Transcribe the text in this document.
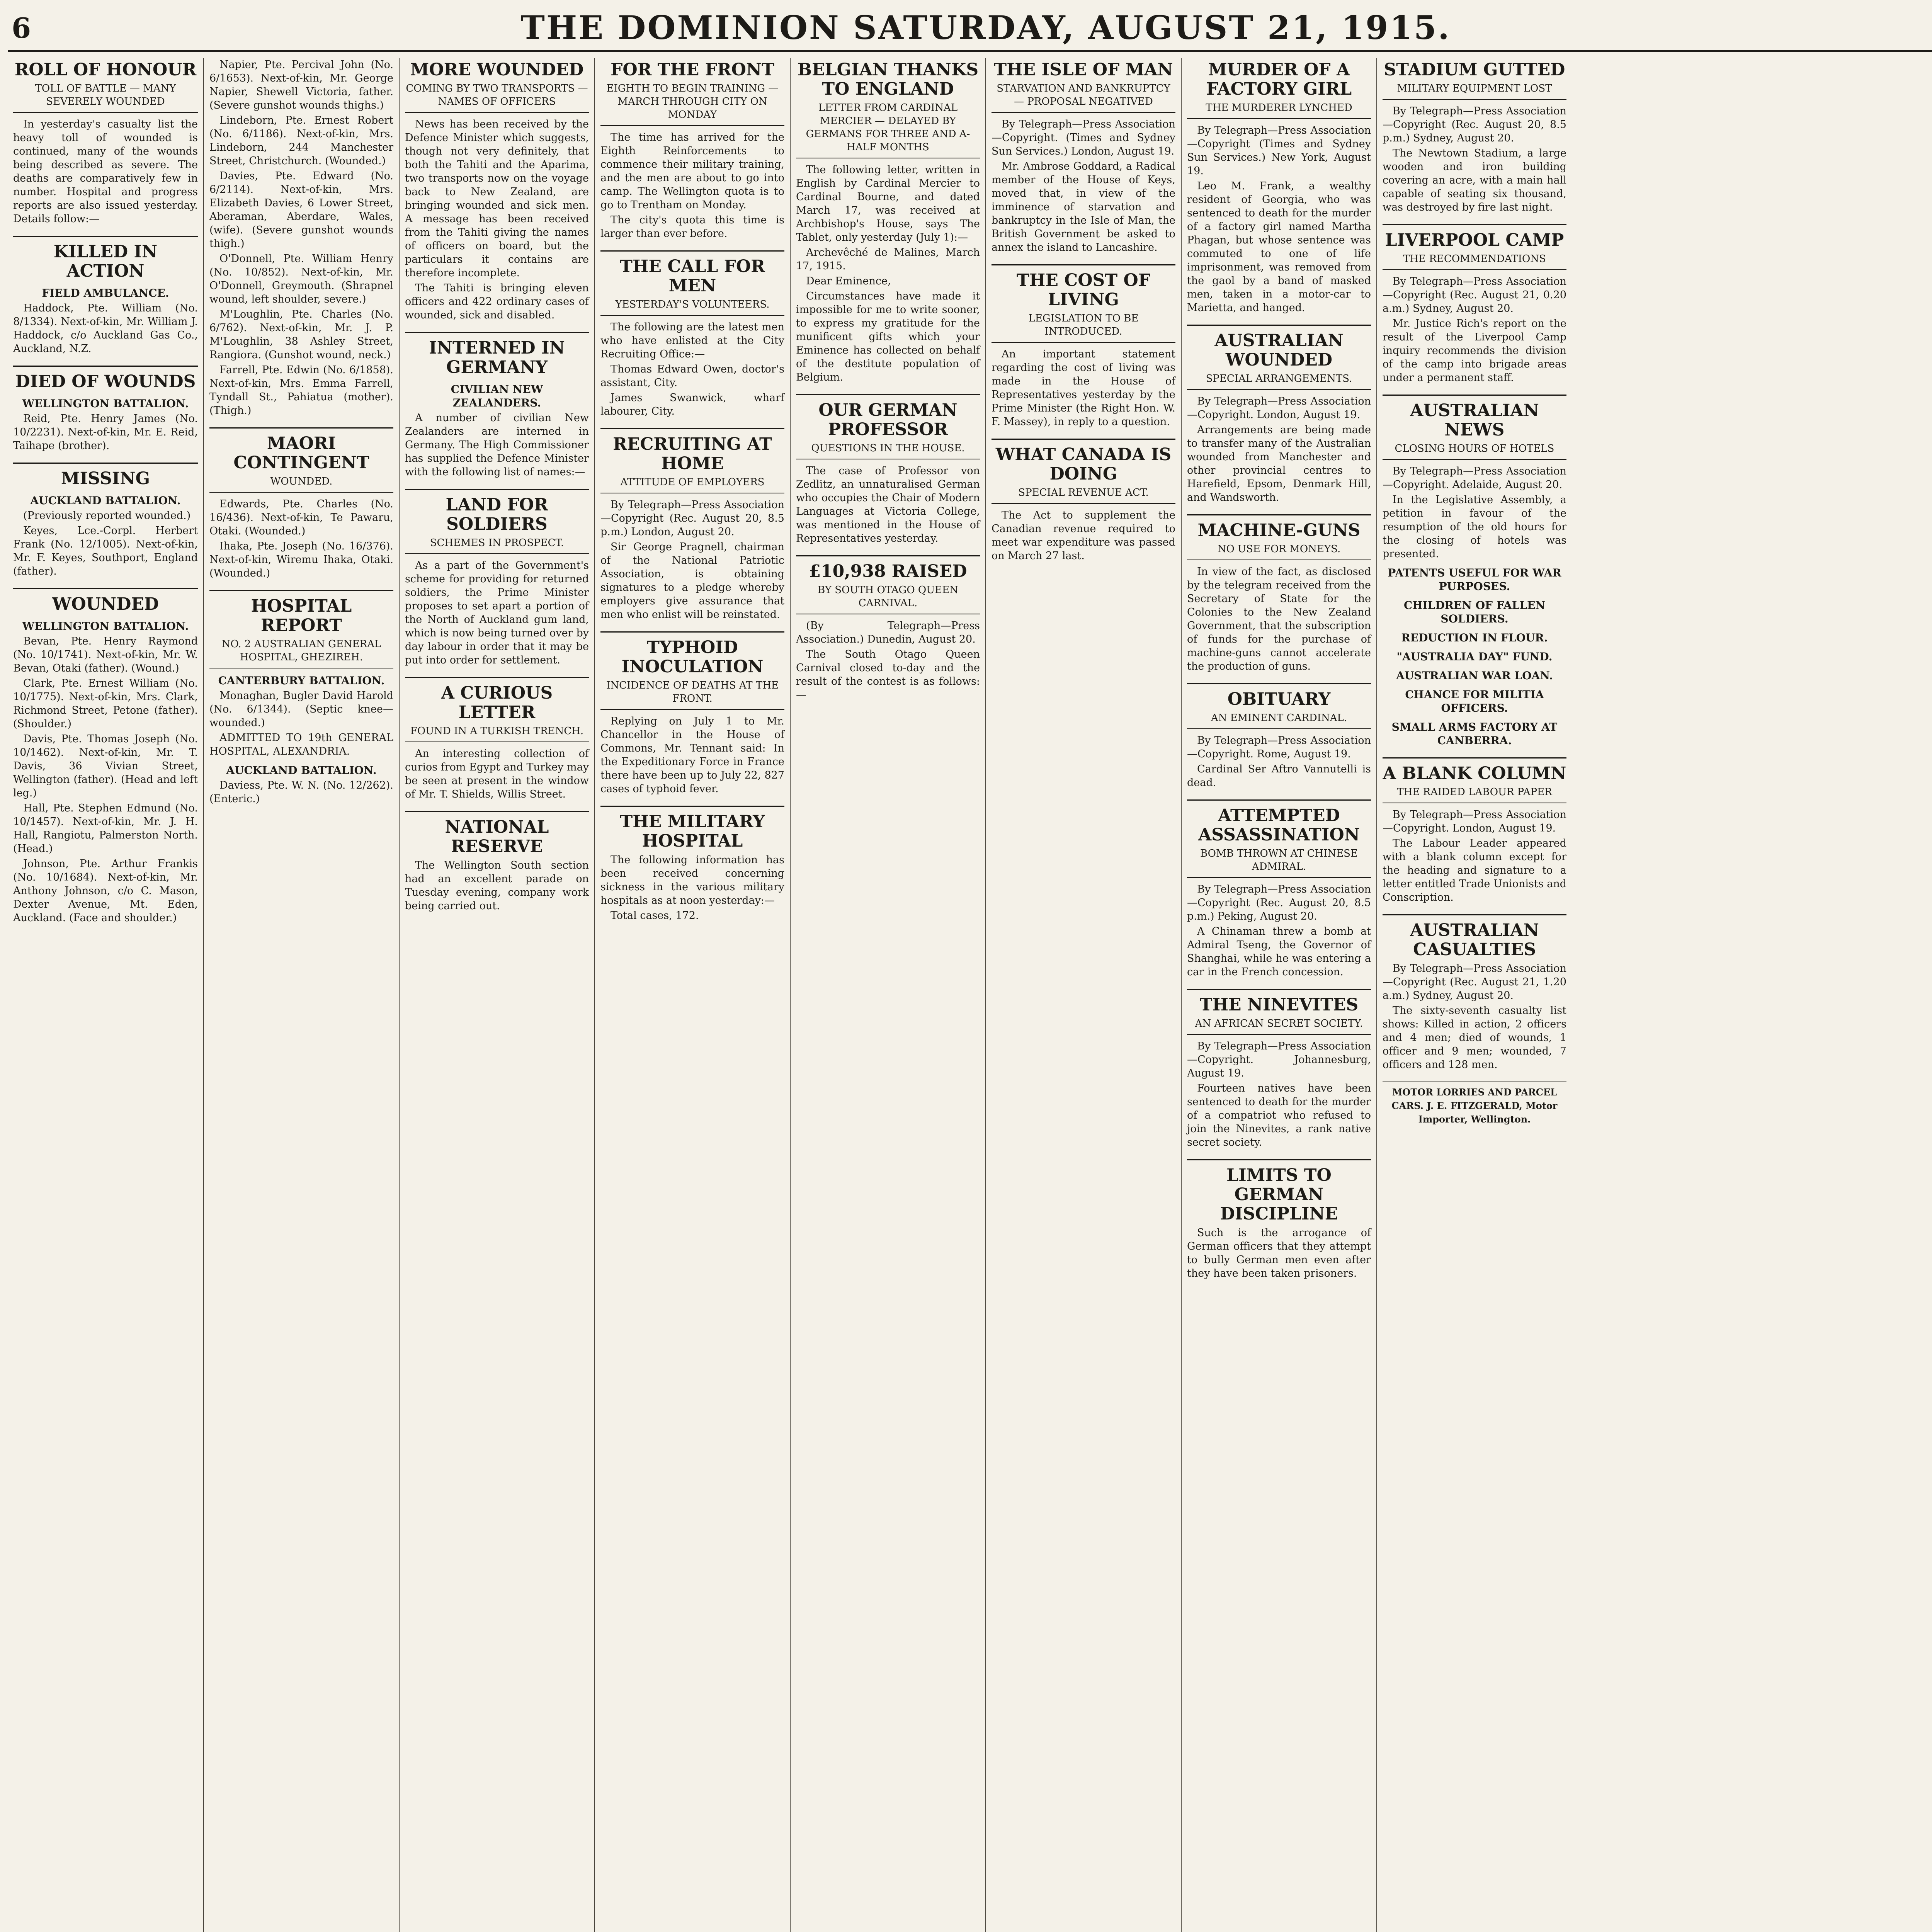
6	THE DOMINION SATURDAY, AUGUST 21, 1915.
ROLL OF HONOUR
TOLL OF BATTLE — MANY SEVERELY WOUNDED
In yesterday's casualty list the heavy toll of wounded is continued, many of the wounds being described as severe. The deaths are comparatively few in number. Hospital and progress reports are also issued yesterday. Details follow:—
KILLED IN ACTION
FIELD AMBULANCE.
Haddock, Pte. William (No. 8/1334). Next-of-kin, Mr. William J. Haddock, c/o Auckland Gas Co., Auckland, N.Z.
DIED OF WOUNDS
WELLINGTON BATTALION.
Reid, Pte. Henry James (No. 10/2231). Next-of-kin, Mr. E. Reid, Taihape (brother).
MISSING
AUCKLAND BATTALION.
(Previously reported wounded.)
Keyes, Lce.-Corpl. Herbert Frank (No. 12/1005). Next-of-kin, Mr. F. Keyes, Southport, England (father).
WOUNDED
WELLINGTON BATTALION.
Bevan, Pte. Henry Raymond (No. 10/1741). Next-of-kin, Mr. W. Bevan, Otaki (father). (Wound.)
Clark, Pte. Ernest William (No. 10/1775). Next-of-kin, Mrs. Clark, Richmond Street, Petone (father). (Shoulder.)
Davis, Pte. Thomas Joseph (No. 10/1462). Next-of-kin, Mr. T. Davis, 36 Vivian Street, Wellington (father). (Head and left leg.)
Hall, Pte. Stephen Edmund (No. 10/1457). Next-of-kin, Mr. J. H. Hall, Rangiotu, Palmerston North. (Head.)
Johnson, Pte. Arthur Frankis (No. 10/1684). Next-of-kin, Mr. Anthony Johnson, c/o C. Mason, Dexter Avenue, Mt. Eden, Auckland. (Face and shoulder.)
Napier, Pte. Percival John (No. 6/1653). Next-of-kin, Mr. George Napier, Shewell Victoria, father. (Severe gunshot wounds thighs.)
Lindeborn, Pte. Ernest Robert (No. 6/1186). Next-of-kin, Mrs. Lindeborn, 244 Manchester Street, Christchurch. (Wounded.)
Davies, Pte. Edward (No. 6/2114). Next-of-kin, Mrs. Elizabeth Davies, 6 Lower Street, Aberaman, Aberdare, Wales, (wife). (Severe gunshot wounds thigh.)
O'Donnell, Pte. William Henry (No. 10/852). Next-of-kin, Mr. O'Donnell, Greymouth. (Shrapnel wound, left shoulder, severe.)
M'Loughlin, Pte. Charles (No. 6/762). Next-of-kin, Mr. J. P. M'Loughlin, 38 Ashley Street, Rangiora. (Gunshot wound, neck.)
Farrell, Pte. Edwin (No. 6/1858). Next-of-kin, Mrs. Emma Farrell, Tyndall St., Pahiatua (mother). (Thigh.)
MAORI CONTINGENT
WOUNDED.
Edwards, Pte. Charles (No. 16/436). Next-of-kin, Te Pawaru, Otaki. (Wounded.)
Ihaka, Pte. Joseph (No. 16/376). Next-of-kin, Wiremu Ihaka, Otaki. (Wounded.)
HOSPITAL REPORT
NO. 2 AUSTRALIAN GENERAL HOSPITAL, GHEZIREH.
CANTERBURY BATTALION.
Monaghan, Bugler David Harold (No. 6/1344). (Septic knee—wounded.)
ADMITTED TO 19th GENERAL HOSPITAL, ALEXANDRIA.
AUCKLAND BATTALION.
Daviess, Pte. W. N. (No. 12/262). (Enteric.)
MORE WOUNDED
COMING BY TWO TRANSPORTS — NAMES OF OFFICERS
News has been received by the Defence Minister which suggests, though not very definitely, that both the Tahiti and the Aparima, two transports now on the voyage back to New Zealand, are bringing wounded and sick men. A message has been received from the Tahiti giving the names of officers on board, but the particulars it contains are therefore incomplete.
The Tahiti is bringing eleven officers and 422 ordinary cases of wounded, sick and disabled.
INTERNED IN GERMANY
CIVILIAN NEW ZEALANDERS.
A number of civilian New Zealanders are interned in Germany. The High Commissioner has supplied the Defence Minister with the following list of names:—
LAND FOR SOLDIERS
SCHEMES IN PROSPECT.
As a part of the Government's scheme for providing for returned soldiers, the Prime Minister proposes to set apart a portion of the North of Auckland gum land, which is now being turned over by day labour in order that it may be put into order for settlement.
A CURIOUS LETTER
FOUND IN A TURKISH TRENCH.
An interesting collection of curios from Egypt and Turkey may be seen at present in the window of Mr. T. Shields, Willis Street.
NATIONAL RESERVE
The Wellington South section had an excellent parade on Tuesday evening, company work being carried out.
FOR THE FRONT
EIGHTH TO BEGIN TRAINING — MARCH THROUGH CITY ON MONDAY
The time has arrived for the Eighth Reinforcements to commence their military training, and the men are about to go into camp. The Wellington quota is to go to Trentham on Monday.
The city's quota this time is larger than ever before.
THE CALL FOR MEN
YESTERDAY'S VOLUNTEERS.
The following are the latest men who have enlisted at the City Recruiting Office:—
Thomas Edward Owen, doctor's assistant, City.
James Swanwick, wharf labourer, City.
RECRUITING AT HOME
ATTITUDE OF EMPLOYERS
By Telegraph—Press Association—Copyright (Rec. August 20, 8.5 p.m.) London, August 20.
Sir George Pragnell, chairman of the National Patriotic Association, is obtaining signatures to a pledge whereby employers give assurance that men who enlist will be reinstated.
TYPHOID INOCULATION
INCIDENCE OF DEATHS AT THE FRONT.
Replying on July 1 to Mr. Chancellor in the House of Commons, Mr. Tennant said: In the Expeditionary Force in France there have been up to July 22, 827 cases of typhoid fever.
THE MILITARY HOSPITAL
The following information has been received concerning sickness in the various military hospitals as at noon yesterday:—
Total cases, 172.
BELGIAN THANKS TO ENGLAND
LETTER FROM CARDINAL MERCIER — DELAYED BY GERMANS FOR THREE AND A-HALF MONTHS
The following letter, written in English by Cardinal Mercier to Cardinal Bourne, and dated March 17, was received at Archbishop's House, says The Tablet, only yesterday (July 1):—
Archevêché de Malines, March 17, 1915.
Dear Eminence,
Circumstances have made it impossible for me to write sooner, to express my gratitude for the munificent gifts which your Eminence has collected on behalf of the destitute population of Belgium.
OUR GERMAN PROFESSOR
QUESTIONS IN THE HOUSE.
The case of Professor von Zedlitz, an unnaturalised German who occupies the Chair of Modern Languages at Victoria College, was mentioned in the House of Representatives yesterday.
£10,938 RAISED
BY SOUTH OTAGO QUEEN CARNIVAL.
(By Telegraph—Press Association.) Dunedin, August 20.
The South Otago Queen Carnival closed to-day and the result of the contest is as follows:—
THE ISLE OF MAN
STARVATION AND BANKRUPTCY — PROPOSAL NEGATIVED
By Telegraph—Press Association—Copyright. (Times and Sydney Sun Services.) London, August 19.
Mr. Ambrose Goddard, a Radical member of the House of Keys, moved that, in view of the imminence of starvation and bankruptcy in the Isle of Man, the British Government be asked to annex the island to Lancashire.
THE COST OF LIVING
LEGISLATION TO BE INTRODUCED.
An important statement regarding the cost of living was made in the House of Representatives yesterday by the Prime Minister (the Right Hon. W. F. Massey), in reply to a question.
WHAT CANADA IS DOING
SPECIAL REVENUE ACT.
The Act to supplement the Canadian revenue required to meet war expenditure was passed on March 27 last.
MURDER OF A FACTORY GIRL
THE MURDERER LYNCHED
By Telegraph—Press Association—Copyright (Times and Sydney Sun Services.) New York, August 19.
Leo M. Frank, a wealthy resident of Georgia, who was sentenced to death for the murder of a factory girl named Martha Phagan, but whose sentence was commuted to one of life imprisonment, was removed from the gaol by a band of masked men, taken in a motor-car to Marietta, and hanged.
AUSTRALIAN WOUNDED
SPECIAL ARRANGEMENTS.
By Telegraph—Press Association—Copyright. London, August 19.
Arrangements are being made to transfer many of the Australian wounded from Manchester and other provincial centres to Harefield, Epsom, Denmark Hill, and Wandsworth.
MACHINE-GUNS
NO USE FOR MONEYS.
In view of the fact, as disclosed by the telegram received from the Secretary of State for the Colonies to the New Zealand Government, that the subscription of funds for the purchase of machine-guns cannot accelerate the production of guns.
OBITUARY
AN EMINENT CARDINAL.
By Telegraph—Press Association—Copyright. Rome, August 19.
Cardinal Ser Aftro Vannutelli is dead.
ATTEMPTED ASSASSINATION
BOMB THROWN AT CHINESE ADMIRAL.
By Telegraph—Press Association—Copyright (Rec. August 20, 8.5 p.m.) Peking, August 20.
A Chinaman threw a bomb at Admiral Tseng, the Governor of Shanghai, while he was entering a car in the French concession.
THE NINEVITES
AN AFRICAN SECRET SOCIETY.
By Telegraph—Press Association—Copyright. Johannesburg, August 19.
Fourteen natives have been sentenced to death for the murder of a compatriot who refused to join the Ninevites, a rank native secret society.
LIMITS TO GERMAN DISCIPLINE
Such is the arrogance of German officers that they attempt to bully German men even after they have been taken prisoners.
STADIUM GUTTED
MILITARY EQUIPMENT LOST
By Telegraph—Press Association—Copyright (Rec. August 20, 8.5 p.m.) Sydney, August 20.
The Newtown Stadium, a large wooden and iron building covering an acre, with a main hall capable of seating six thousand, was destroyed by fire last night.
LIVERPOOL CAMP
THE RECOMMENDATIONS
By Telegraph—Press Association—Copyright (Rec. August 21, 0.20 a.m.) Sydney, August 20.
Mr. Justice Rich's report on the result of the Liverpool Camp inquiry recommends the division of the camp into brigade areas under a permanent staff.
AUSTRALIAN NEWS
CLOSING HOURS OF HOTELS
By Telegraph—Press Association—Copyright. Adelaide, August 20.
In the Legislative Assembly, a petition in favour of the resumption of the old hours for the closing of hotels was presented.
PATENTS USEFUL FOR WAR PURPOSES.
CHILDREN OF FALLEN SOLDIERS.
REDUCTION IN FLOUR.
"AUSTRALIA DAY" FUND.
AUSTRALIAN WAR LOAN.
CHANCE FOR MILITIA OFFICERS.
SMALL ARMS FACTORY AT CANBERRA.
A BLANK COLUMN
THE RAIDED LABOUR PAPER
By Telegraph—Press Association—Copyright. London, August 19.
The Labour Leader appeared with a blank column except for the heading and signature to a letter entitled Trade Unionists and Conscription.
AUSTRALIAN CASUALTIES
By Telegraph—Press Association—Copyright (Rec. August 21, 1.20 a.m.) Sydney, August 20.
The sixty-seventh casualty list shows: Killed in action, 2 officers and 4 men; died of wounds, 1 officer and 9 men; wounded, 7 officers and 128 men.
MOTOR LORRIES AND PARCEL CARS. J. E. FITZGERALD, Motor Importer, Wellington.
